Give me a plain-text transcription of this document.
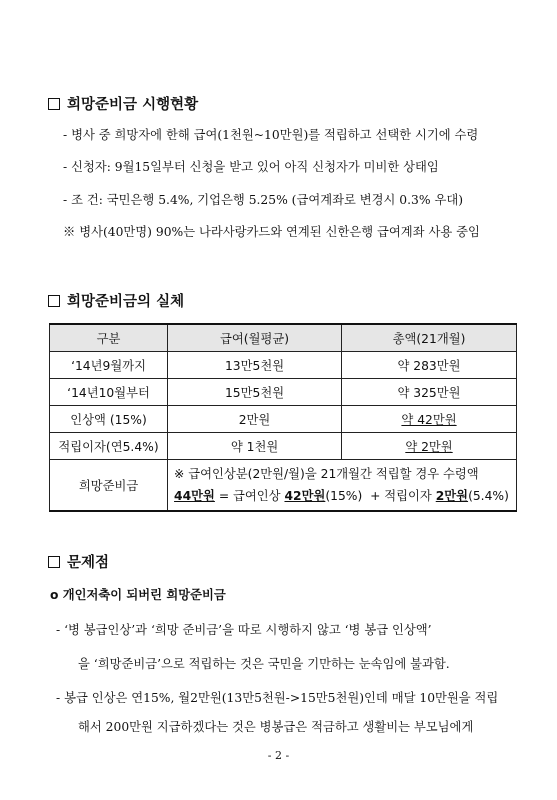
희망준비금 시행현황
- 병사 중 희망자에 한해 급여(1천원~10만원)를 적립하고 선택한 시기에 수령
- 신청자: 9월15일부터 신청을 받고 있어 아직 신청자가 미비한 상태임
- 조 건: 국민은행 5.4%, 기업은행 5.25% (급여계좌로 변경시 0.3% 우대)
※ 병사(40만명) 90%는 나라사랑카드와 연계된 신한은행 급여계좌 사용 중임
희망준비금의 실체
구분	급여(월평균)	총액(21개월)
‘14년9월까지	13만5천원	약 283만원
‘14년10월부터	15만5천원	약 325만원
인상액 (15%)	2만원	약 42만원
적립이자(연5.4%)	약 1천원	약 2만원
희망준비금	※ 급여인상분(2만원/월)을 21개월간 적립할 경우 수령액
44만원 = 급여인상 42만원(15%)  + 적립이자 2만원(5.4%)	
문제점
o 개인저축이 되버린 희망준비금
- ‘병 봉급인상’과 ‘희망 준비금’을 따로 시행하지 않고 ‘병 봉급 인상액’
을 ‘희망준비금’으로 적립하는 것은 국민을 기만하는 눈속임에 불과함.
- 봉급 인상은 연15%, 월2만원(13만5천원->15만5천원)인데 매달 10만원을 적립
해서 200만원 지급하겠다는 것은 병봉급은 적금하고 생활비는 부모님에게
- 2 -
